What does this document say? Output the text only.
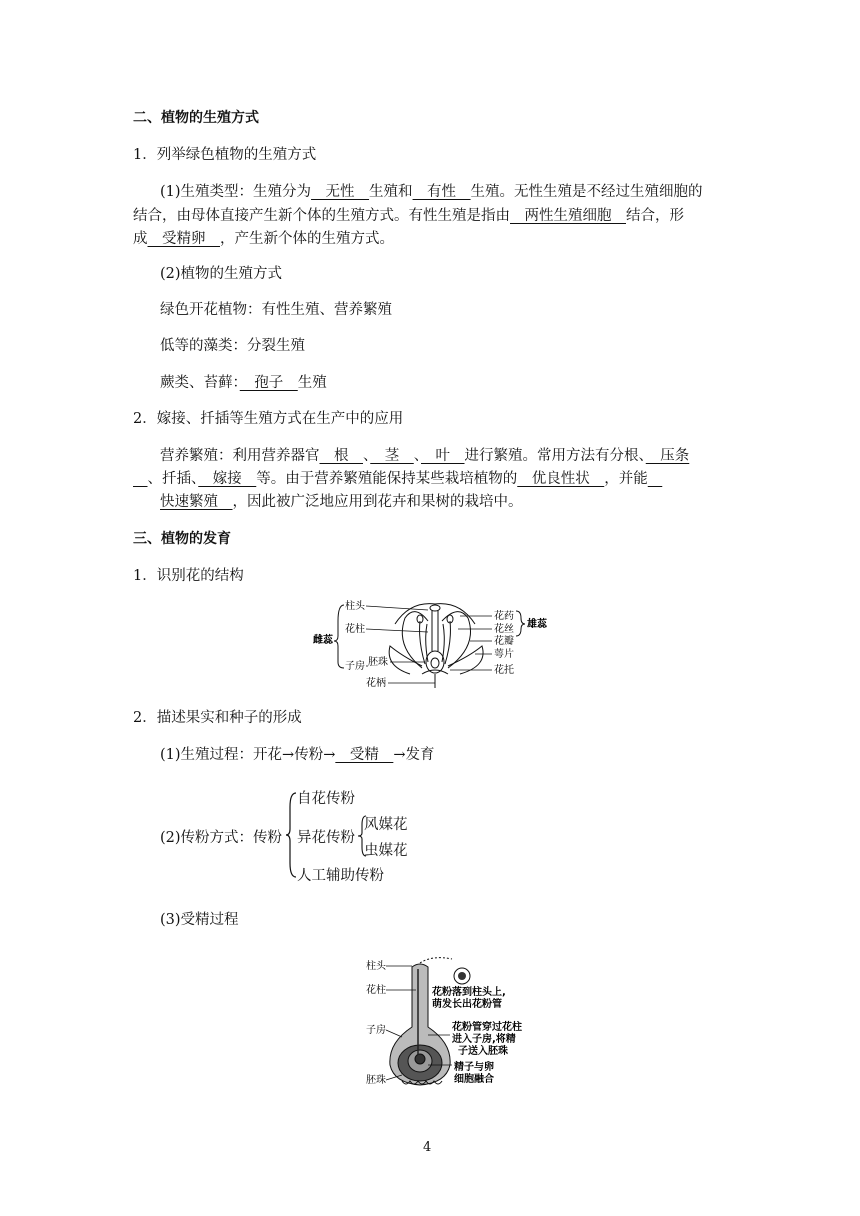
二、植物的生殖方式
1．列举绿色植物的生殖方式
(1)生殖类型：生殖分为　无性　生殖和　有性　生殖。无性生殖是不经过生殖细胞的
结合，由母体直接产生新个体的生殖方式。有性生殖是指由　两性生殖细胞　结合，形
成　受精卵　，产生新个体的生殖方式。
(2)植物的生殖方式
绿色开花植物：有性生殖、营养繁殖
低等的藻类：分裂生殖
蕨类、苔藓：　孢子　生殖
2．嫁接、扦插等生殖方式在生产中的应用
营养繁殖：利用营养器官　根　、　茎　、　叶　进行繁殖。常用方法有分根、　压条
　、扦插、　嫁接　等。由于营养繁殖能保持某些栽培植物的　优良性状　，并能　
快速繁殖　，因此被广泛地应用到花卉和果树的栽培中。
三、植物的发育
1．识别花的结构
柱头
花柱
雌蕊
子房 胚珠
花柄
花药
花丝
花瓣
萼片
花托
雄蕊
2．描述果实和种子的形成
(1)生殖过程：开花→传粉→　受精　→发育
(2)传粉方式：传粉
自花传粉
异花传粉
风媒花
虫媒花
人工辅助传粉
(3)受精过程
柱头
花柱
子房
胚珠
花粉落到柱头上,
萌发长出花粉管
花粉管穿过花柱
进入子房,将精
子送入胚珠
精子与卵
细胞融合
4
